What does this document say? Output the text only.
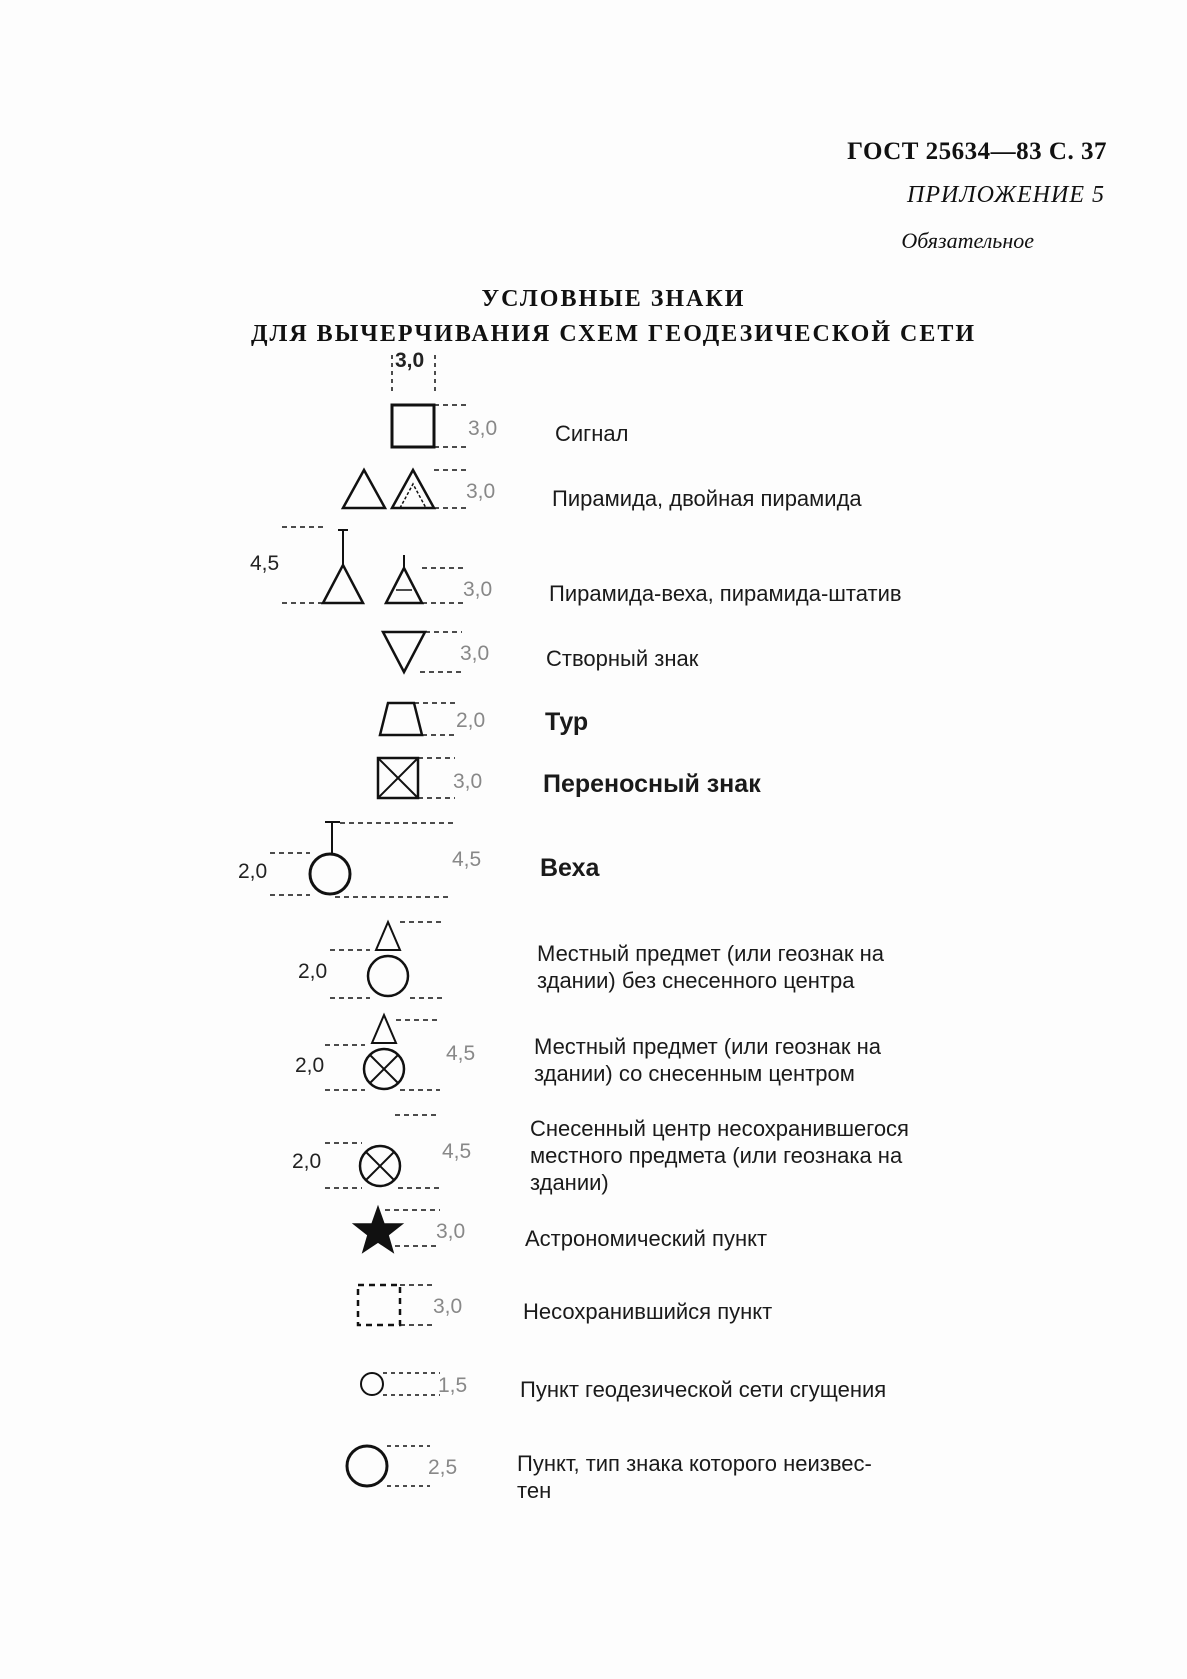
ГОСТ 25634—83 С. 37
ПРИЛОЖЕНИЕ 5
Обязательное
УСЛОВНЫЕ ЗНАКИ
ДЛЯ ВЫЧЕРЧИВАНИЯ СХЕМ ГЕОДЕЗИЧЕСКОЙ СЕТИ
3,0
3,0
3,0
4,5
3,0
3,0
2,0
3,0
2,0
4,5
2,0
2,0
4,5
2,0	4,5
3,0
3,0
1,5
2,5
Сигнал
Пирамида, двойная пирамида
Пирамида-веха, пирамида-штатив
Створный знак
Тур
Переносный знак
Веха
Местный предмет (или геознак на
здании) без снесенного центра
Местный предмет (или геознак на
здании) со снесенным центром
Снесенный центр несохранившегося
местного предмета (или геознака на
здании)
Астрономический пункт
Несохранившийся пункт
Пункт геодезической сети сгущения
Пункт, тип знака которого неизвес-
тен
